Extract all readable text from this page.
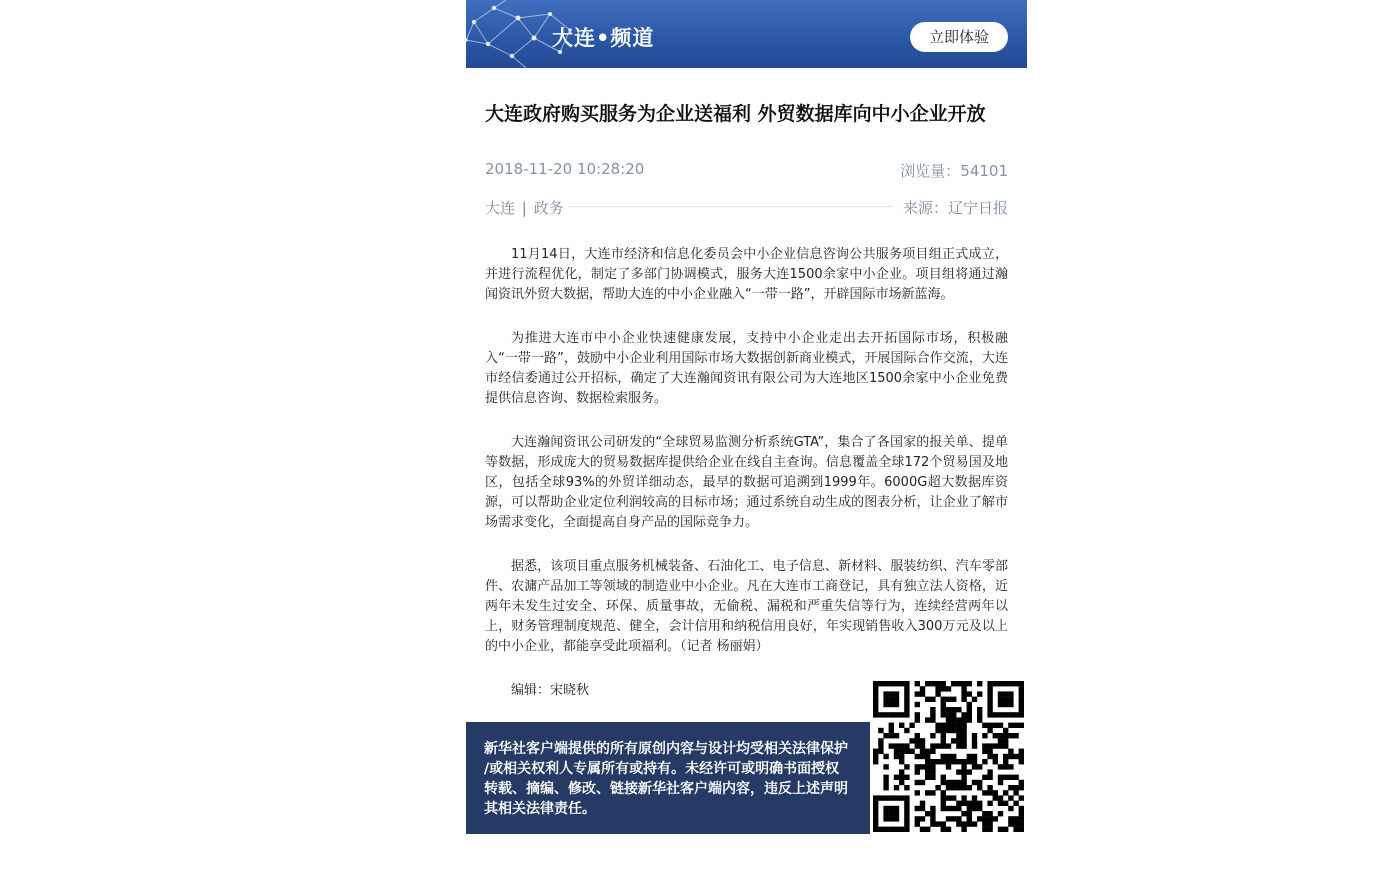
大连•频道	立即体验
大连政府购买服务为企业送福利 外贸数据库向中小企业开放
2018-11-20 10:28:20	浏览量：54101
大连 | 政务	来源：辽宁日报

11月14日，大连市经济和信息化委员会中小企业信息咨询公共服务项目组正式成立，并进行流程优化，制定了多部门协调模式，服务大连1500余家中小企业。项目组将通过瀚闻资讯外贸大数据，帮助大连的中小企业融入“一带一路”，开辟国际市场新蓝海。

为推进大连市中小企业快速健康发展，支持中小企业走出去开拓国际市场，积极融入“一带一路”，鼓励中小企业利用国际市场大数据创新商业模式，开展国际合作交流，大连市经信委通过公开招标，确定了大连瀚闻资讯有限公司为大连地区1500余家中小企业免费提供信息咨询、数据检索服务。

大连瀚闻资讯公司研发的“全球贸易监测分析系统GTA”，集合了各国家的报关单、提单等数据，形成庞大的贸易数据库提供给企业在线自主查询。信息覆盖全球172个贸易国及地区，包括全球93%的外贸详细动态，最早的数据可追溯到1999年。6000G超大数据库资源，可以帮助企业定位利润较高的目标市场；通过系统自动生成的图表分析，让企业了解市场需求变化，全面提高自身产品的国际竞争力。

据悉，该项目重点服务机械装备、石油化工、电子信息、新材料、服装纺织、汽车零部件、农滽产品加工等领域的制造业中小企业。凡在大连市工商登记，具有独立法人资格，近两年未发生过安全、环保、质量事故，无偷税、漏税和严重失信等行为，连续经营两年以上，财务管理制度规范、健全，会计信用和纳税信用良好，年实现销售收入300万元及以上的中小企业，都能享受此项福利。（记者 杨丽娟）

编辑：宋晓秋

新华社客户端提供的所有原创内容与设计均受相关法律保护
/或相关权利人专属所有或持有。未经许可或明确书面授权
转载、摘编、修改、链接新华社客户端内容，违反上述声明
其相关法律责任。
